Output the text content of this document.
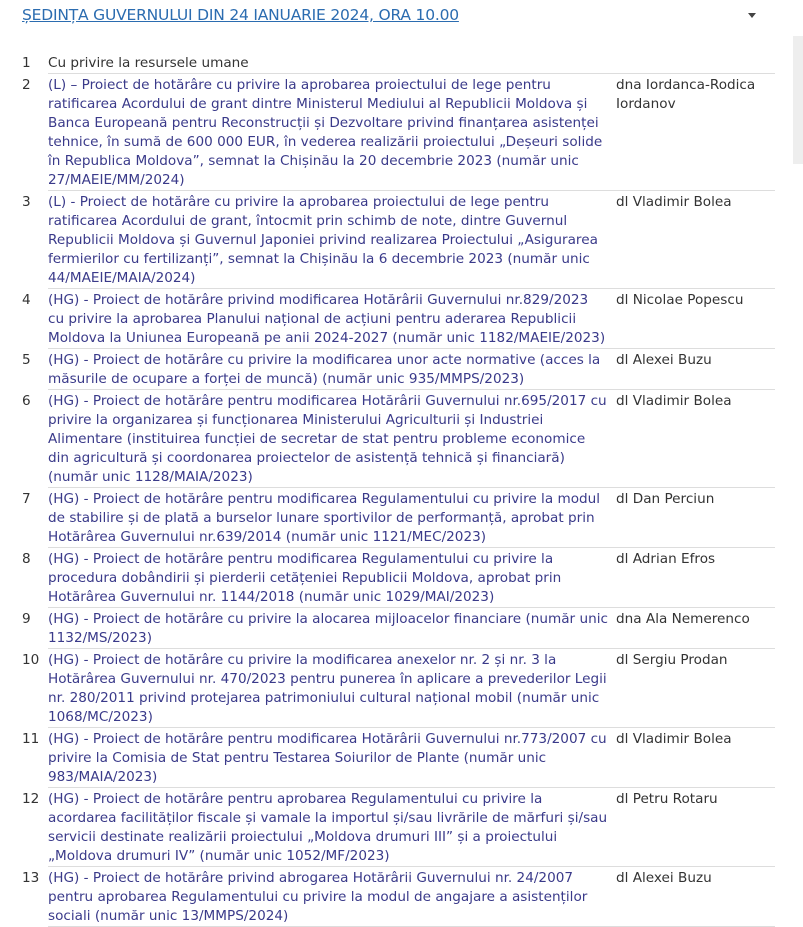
ȘEDINȚA GUVERNULUI DIN 24 IANUARIE 2024, ORA 10.00
1	Cu privire la resursele umane	
2	(L) – Proiect de hotărâre cu privire la aprobarea proiectului de lege pentru ratificarea Acordului de grant dintre Ministerul Mediului al Republicii Moldova și Banca Europeană pentru Reconstrucții și Dezvoltare privind finanțarea asistenței tehnice, în sumă de 600 000 EUR, în vederea realizării proiectului „Deșeuri solide în Republica Moldova”, semnat la Chișinău la 20 decembrie 2023 (număr unic 27/MAEIE/MM/2024)	dna Iordanca-Rodica Iordanov
3	(L) - Proiect de hotărâre cu privire la aprobarea proiectului de lege pentru ratificarea Acordului de grant, întocmit prin schimb de note, dintre Guvernul Republicii Moldova și Guvernul Japoniei privind realizarea Proiectului „Asigurarea fermierilor cu fertilizanți”, semnat la Chișinău la 6 decembrie 2023 (număr unic 44/MAEIE/MAIA/2024)	dl Vladimir Bolea
4	(HG) - Proiect de hotărâre privind modificarea Hotărârii Guvernului nr.829/2023 cu privire la aprobarea Planului național de acțiuni pentru aderarea Republicii Moldova la Uniunea Europeană pe anii 2024-2027 (număr unic 1182/MAEIE/2023)	dl Nicolae Popescu
5	(HG) - Proiect de hotărâre cu privire la modificarea unor acte normative (acces la măsurile de ocupare a forței de muncă) (număr unic 935/MMPS/2023)	dl Alexei Buzu
6	(HG) - Proiect de hotărâre pentru modificarea Hotărârii Guvernului nr.695/2017 cu privire la organizarea și funcționarea Ministerului Agriculturii și Industriei Alimentare (instituirea funcției de secretar de stat pentru probleme economice din agricultură și coordonarea proiectelor de asistență tehnică și financiară) (număr unic 1128/MAIA/2023)	dl Vladimir Bolea
7	(HG) - Proiect de hotărâre pentru modificarea Regulamentului cu privire la modul de stabilire și de plată a burselor lunare sportivilor de performanță, aprobat prin Hotărârea Guvernului nr.639/2014 (număr unic 1121/MEC/2023)	dl Dan Perciun
8	(HG) - Proiect de hotărâre pentru modificarea Regulamentului cu privire la procedura dobândirii și pierderii cetățeniei Republicii Moldova, aprobat prin Hotărârea Guvernului nr. 1144/2018 (număr unic 1029/MAI/2023)	dl Adrian Efros
9	(HG) - Proiect de hotărâre cu privire la alocarea mijloacelor financiare (număr unic 1132/MS/2023)	dna Ala Nemerenco
10	(HG) - Proiect de hotărâre cu privire la modificarea anexelor nr. 2 și nr. 3 la Hotărârea Guvernului nr. 470/2023 pentru punerea în aplicare a prevederilor Legii nr. 280/2011 privind protejarea patrimoniului cultural național mobil (număr unic 1068/MC/2023)	dl Sergiu Prodan
11	(HG) - Proiect de hotărâre pentru modificarea Hotărârii Guvernului nr.773/2007 cu privire la Comisia de Stat pentru Testarea Soiurilor de Plante (număr unic 983/MAIA/2023)	dl Vladimir Bolea
12	(HG) - Proiect de hotărâre pentru aprobarea Regulamentului cu privire la acordarea facilităților fiscale și vamale la importul și/sau livrările de mărfuri și/sau servicii destinate realizării proiectului „Moldova drumuri III” și a proiectului „Moldova drumuri IV” (număr unic 1052/MF/2023)	dl Petru Rotaru
13	(HG) - Proiect de hotărâre privind abrogarea Hotărârii Guvernului nr. 24/2007 pentru aprobarea Regulamentului cu privire la modul de angajare a asistenților sociali (număr unic 13/MMPS/2024)	dl Alexei Buzu
